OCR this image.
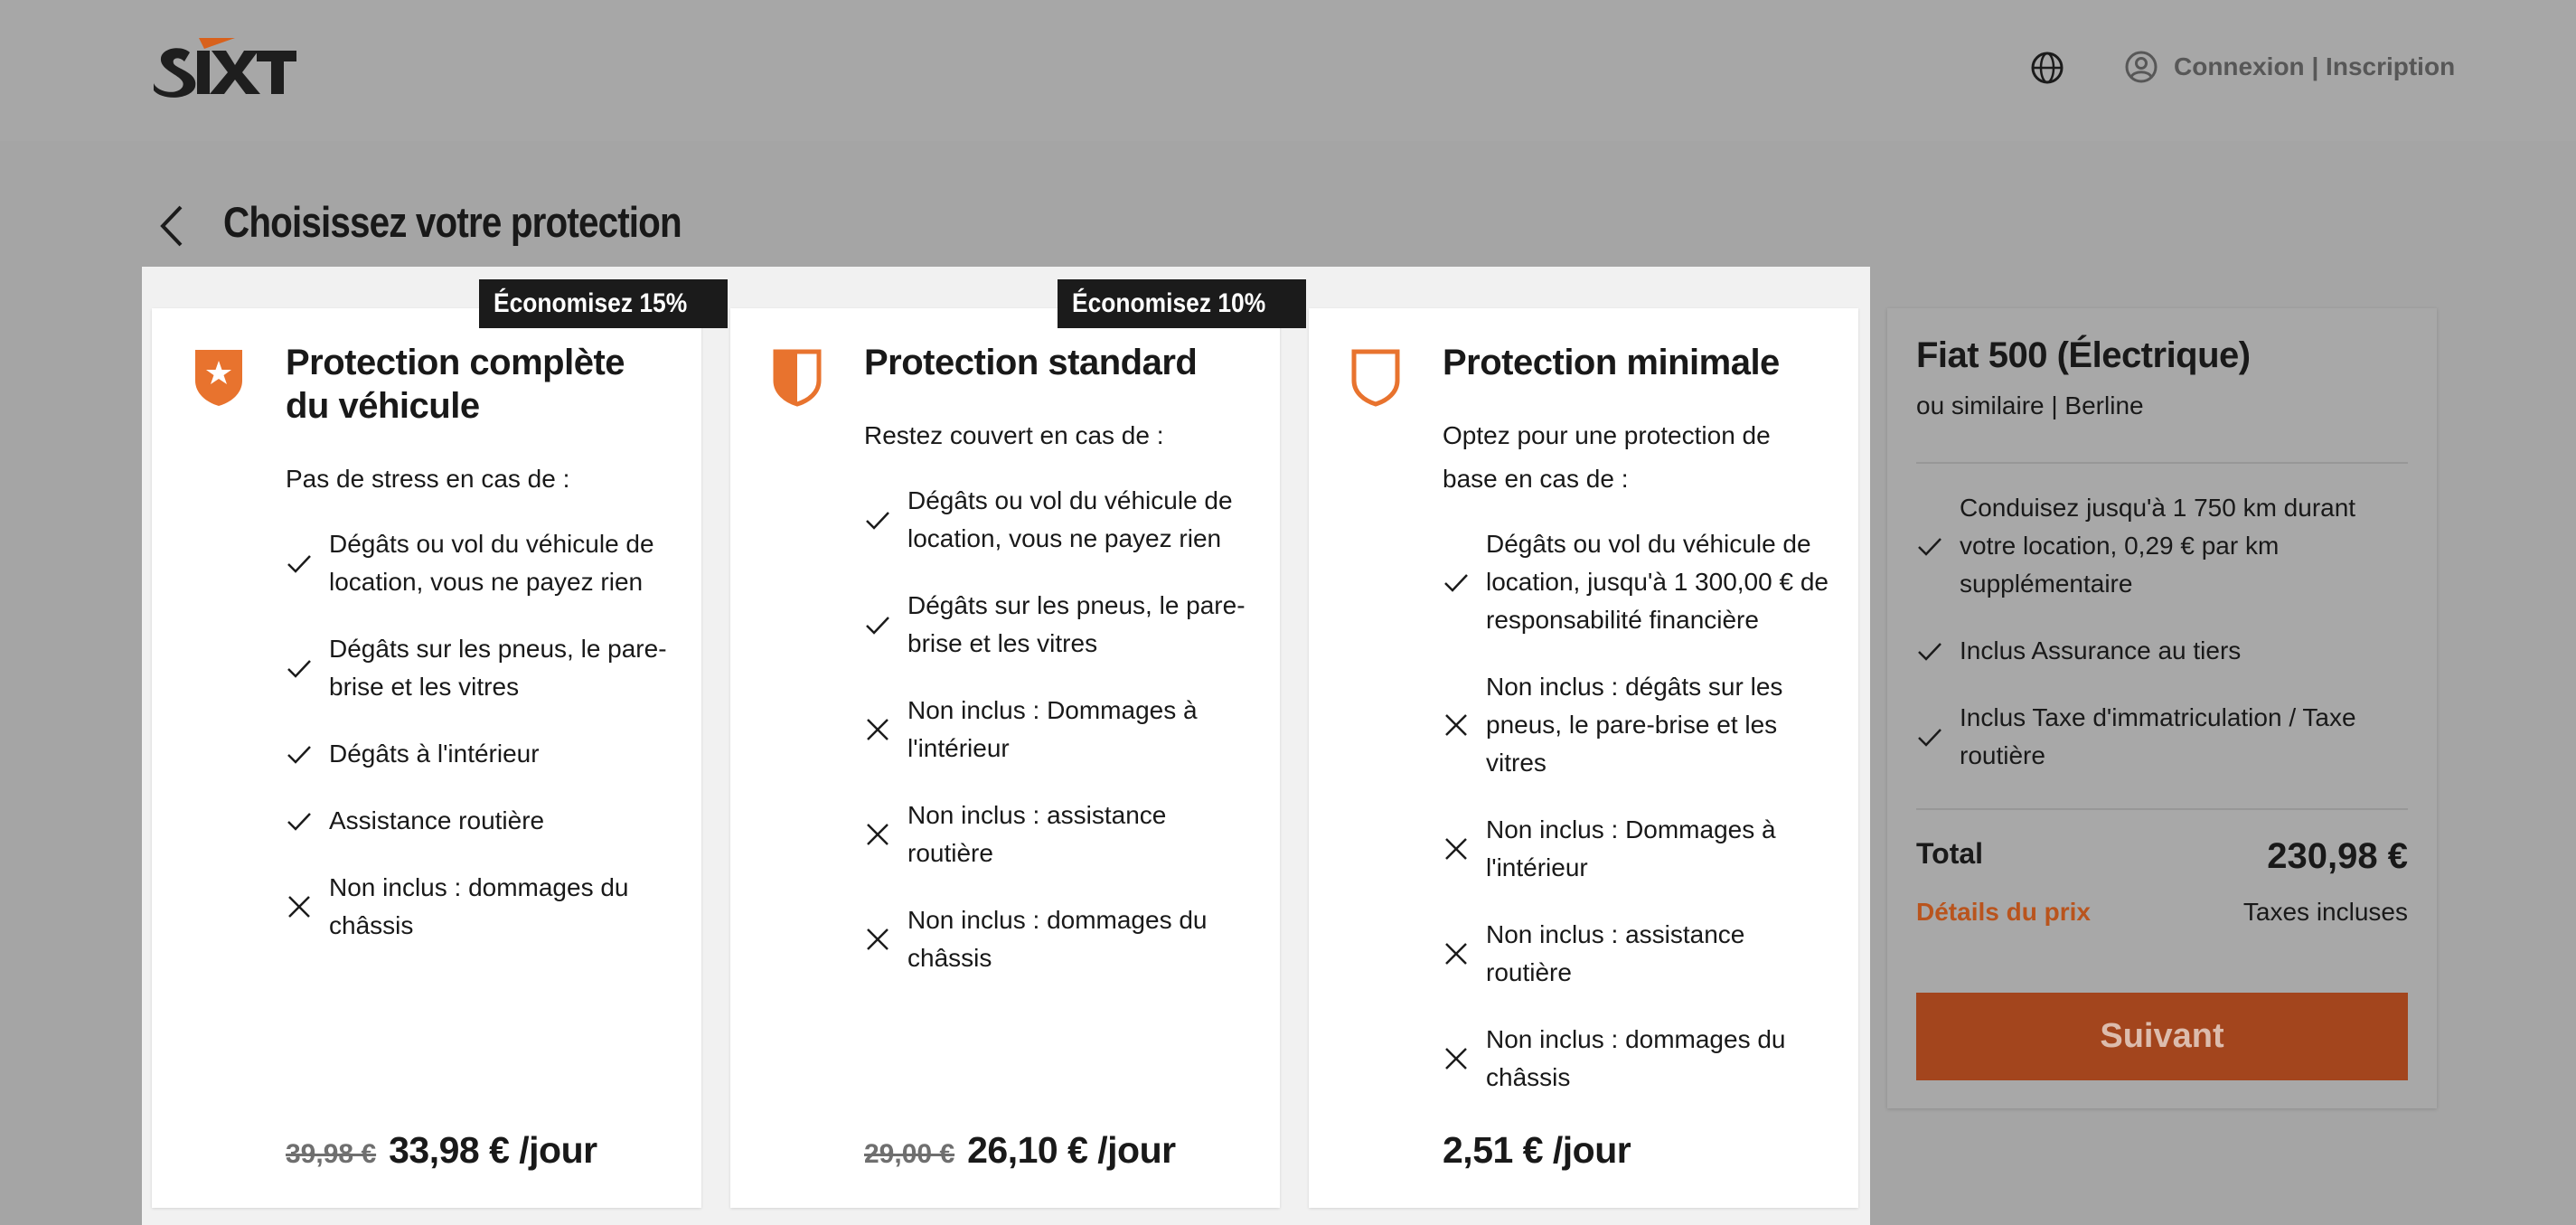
Connexion | Inscription
Choisissez votre protection
Économisez 15%
Protection complète du véhicule
Pas de stress en cas de :
Dégâts ou vol du véhicule de location, vous ne payez rien
Dégâts sur les pneus, le pare-brise et les vitres
Dégâts à l'intérieur
Assistance routière
Non inclus : dommages du châssis
39,98 € 33,98 € /jour
Économisez 10%
Protection standard
Restez couvert en cas de :
Dégâts ou vol du véhicule de location, vous ne payez rien
Dégâts sur les pneus, le pare-brise et les vitres
Non inclus : Dommages à l'intérieur
Non inclus : assistance routière
Non inclus : dommages du châssis
29,00 € 26,10 € /jour
Protection minimale
Optez pour une protection de base en cas de :
Dégâts ou vol du véhicule de location, jusqu'à 1 300,00 € de responsabilité financière
Non inclus : dégâts sur les pneus, le pare-brise et les vitres
Non inclus : Dommages à l'intérieur
Non inclus : assistance routière
Non inclus : dommages du châssis
2,51 € /jour
Fiat 500 (Électrique)
ou similaire | Berline
Conduisez jusqu'à 1 750 km durant votre location, 0,29 € par km supplémentaire
Inclus Assurance au tiers
Inclus Taxe d'immatriculation / Taxe routière
Total	230,98 €
Détails du prix	Taxes incluses
Suivant
